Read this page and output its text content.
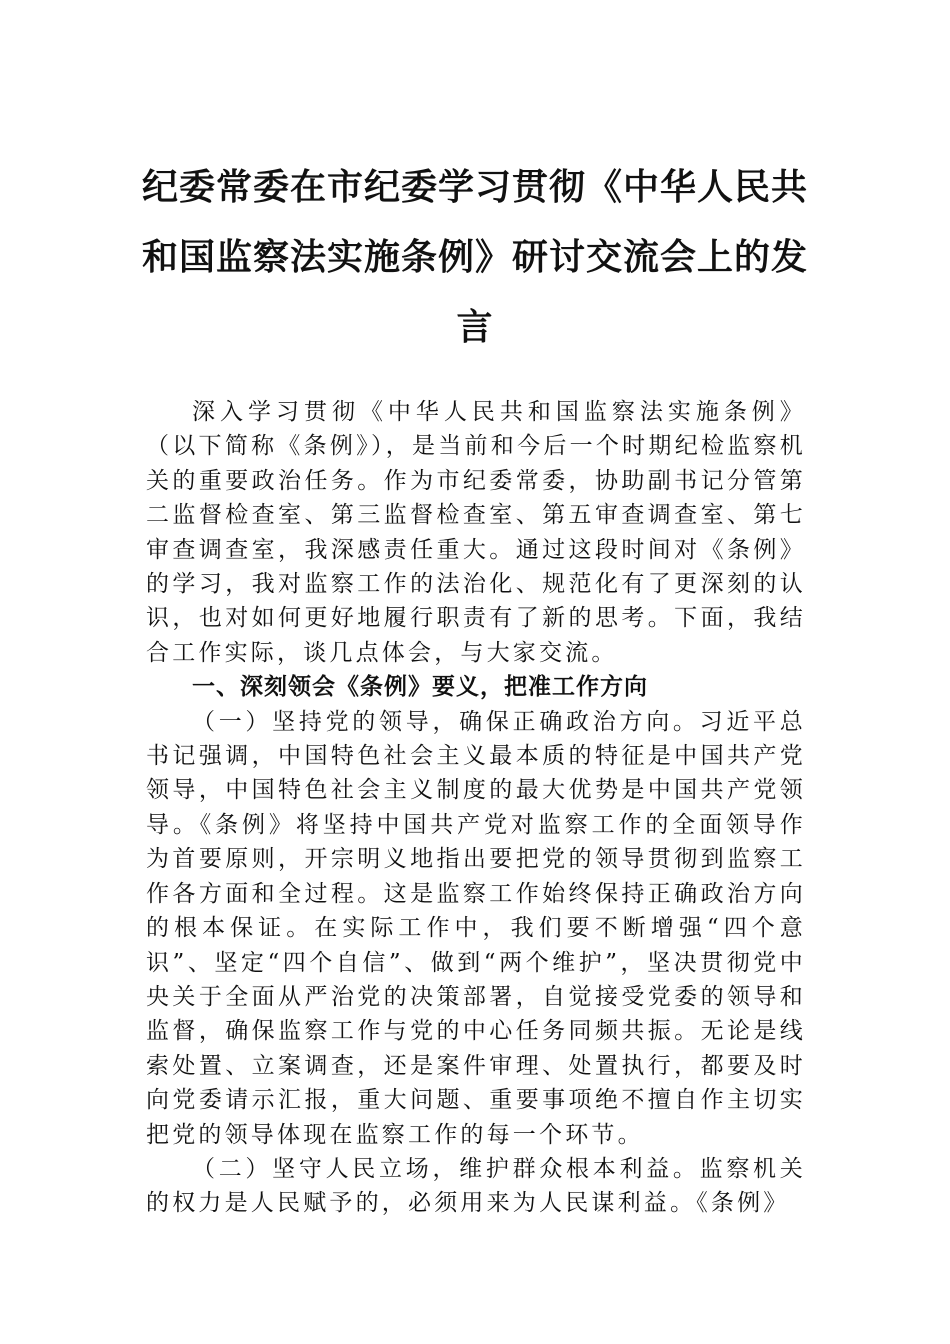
纪委常委在市纪委学习贯彻《中华人民共
和国监察法实施条例》研讨交流会上的发
言

深入学习贯彻《中华人民共和国监察法实施条例》（以下简称《条例》），是当前和今后一个时期纪检监察机关的重要政治任务。作为市纪委常委，协助副书记分管第二监督检查室、第三监督检查室、第五审查调查室、第七审查调查室，我深感责任重大。通过这段时间对《条例》的学习，我对监察工作的法治化、规范化有了更深刻的认识，也对如何更好地履行职责有了新的思考。下面，我结合工作实际，谈几点体会，与大家交流。

一、深刻领会《条例》要义，把准工作方向

（一）坚持党的领导，确保正确政治方向。习近平总书记强调，中国特色社会主义最本质的特征是中国共产党领导，中国特色社会主义制度的最大优势是中国共产党领导。《条例》将坚持中国共产党对监察工作的全面领导作为首要原则，开宗明义地指出要把党的领导贯彻到监察工作各方面和全过程。这是监察工作始终保持正确政治方向的根本保证。在实际工作中，我们要不断增强“四个意识”、坚定“四个自信”、做到“两个维护”，坚决贯彻党中央关于全面从严治党的决策部署，自觉接受党委的领导和监督，确保监察工作与党的中心任务同频共振。无论是线索处置、立案调查，还是案件审理、处置执行，都要及时向党委请示汇报，重大问题、重要事项绝不擅自作主切实把党的领导体现在监察工作的每一个环节。

（二）坚守人民立场，维护群众根本利益。监察机关的权力是人民赋予的，必须用来为人民谋利益。《条例》
